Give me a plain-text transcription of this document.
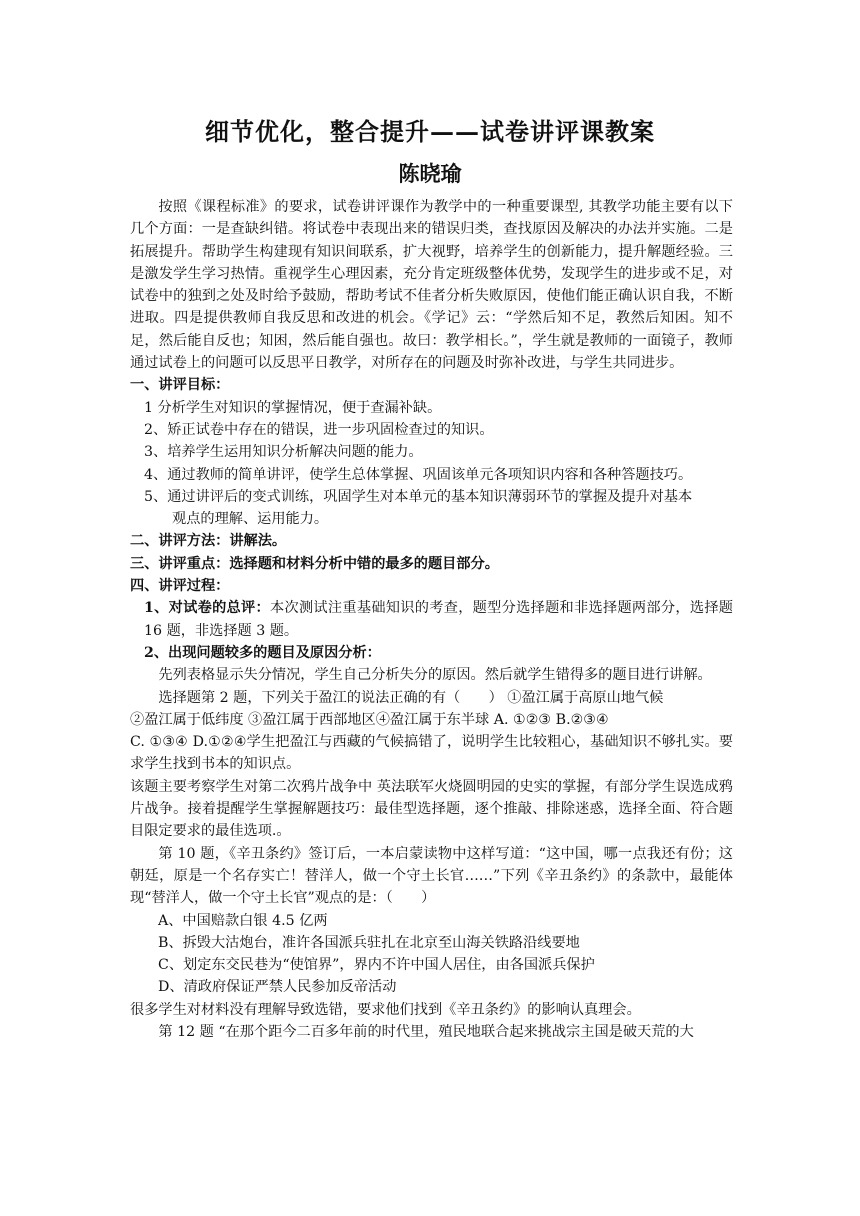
细节优化，整合提升——试卷讲评课教案
陈晓瑜

按照《课程标准》的要求，试卷讲评课作为教学中的一种重要课型, 其教学功能主要有以下几个方面：一是查缺纠错。将试卷中表现出来的错误归类，查找原因及解决的办法并实施。二是拓展提升。帮助学生构建现有知识间联系，扩大视野，培养学生的创新能力，提升解题经验。三是激发学生学习热情。重视学生心理因素，充分肯定班级整体优势，发现学生的进步或不足，对试卷中的独到之处及时给予鼓励，帮助考试不佳者分析失败原因，使他们能正确认识自我，不断进取。四是提供教师自我反思和改进的机会。《学记》云：“学然后知不足，教然后知困。知不足，然后能自反也；知困，然后能自强也。故曰：教学相长。”，学生就是教师的一面镜子，教师通过试卷上的问题可以反思平日教学，对所存在的问题及时弥补改进，与学生共同进步。

一、讲评目标：

1 分析学生对知识的掌握情况，便于查漏补缺。

2、矫正试卷中存在的错误，进一步巩固检查过的知识。

3、培养学生运用知识分析解决问题的能力。

4、通过教师的简单讲评，使学生总体掌握、巩固该单元各项知识内容和各种答题技巧。

5、通过讲评后的变式训练，巩固学生对本单元的基本知识薄弱环节的掌握及提升对基本

观点的理解、运用能力。

二、讲评方法：讲解法。

三、讲评重点：选择题和材料分析中错的最多的题目部分。

四、讲评过程：

1、对试卷的总评：本次测试注重基础知识的考查，题型分选择题和非选择题两部分，选择题 16 题，非选择题 3 题。

2、出现问题较多的题目及原因分析：

先列表格显示失分情况，学生自己分析失分的原因。然后就学生错得多的题目进行讲解。

选择题第 2 题，下列关于盈江的说法正确的有（　　） ①盈江属于高原山地气候

②盈江属于低纬度 ③盈江属于西部地区④盈江属于东半球 A. ①②③ B.②③④

C. ①③④ D.①②④学生把盈江与西藏的气候搞错了，说明学生比较粗心，基础知识不够扎实。要求学生找到书本的知识点。

该题主要考察学生对第二次鸦片战争中 英法联军火烧圆明园的史实的掌握，有部分学生误选成鸦片战争。接着提醒学生掌握解题技巧：最佳型选择题，逐个推敲、排除迷惑，选择全面、符合题目限定要求的最佳选项.。

第 10 题，《辛丑条约》签订后，一本启蒙读物中这样写道：“这中国，哪一点我还有份；这朝廷，原是一个名存实亡！替洋人，做一个守土长官……”下列《辛丑条约》的条款中，最能体现“替洋人，做一个守土长官”观点的是：（　　）

A、中国赔款白银 4.5 亿两

B、拆毁大沽炮台，准许各国派兵驻扎在北京至山海关铁路沿线要地

C、划定东交民巷为“使馆界”，界内不许中国人居住，由各国派兵保护

D、清政府保证严禁人民参加反帝活动

很多学生对材料没有理解导致选错，要求他们找到《辛丑条约》的影响认真理会。

第 12 题 “在那个距今二百多年前的时代里，殖民地联合起来挑战宗主国是破天荒的大
